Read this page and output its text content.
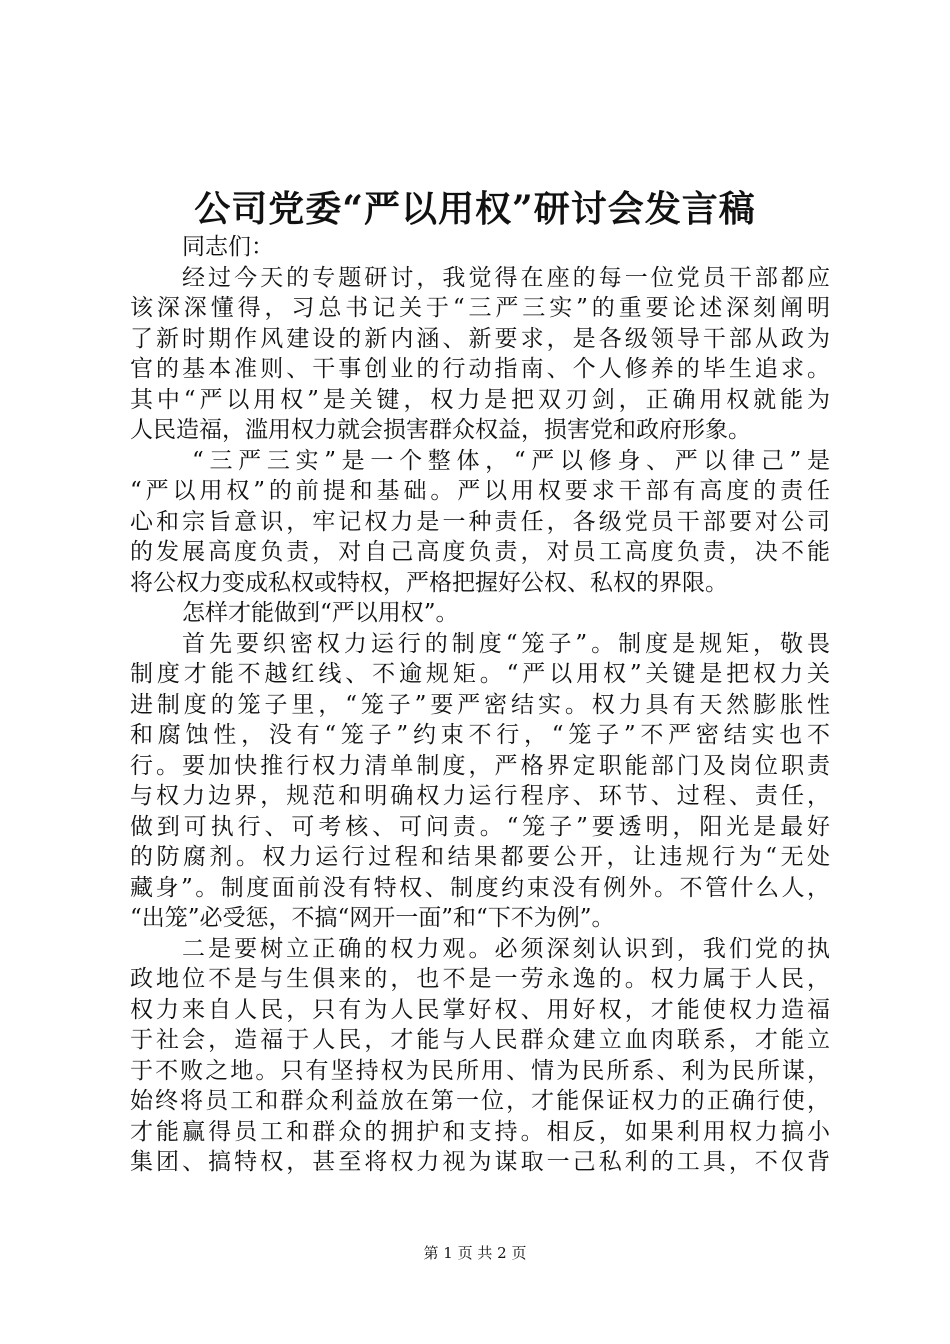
公司党委“严以用权”研讨会发言稿
同志们：
经过今天的专题研讨，我觉得在座的每一位党员干部都应
该深深懂得，习总书记关于“三严三实”的重要论述深刻阐明
了新时期作风建设的新内涵、新要求，是各级领导干部从政为
官的基本准则、干事创业的行动指南、个人修养的毕生追求。
其中“严以用权”是关键，权力是把双刃剑，正确用权就能为
人民造福，滥用权力就会损害群众权益，损害党和政府形象。
“三严三实”是一个整体，“严以修身、严以律己”是
“严以用权”的前提和基础。严以用权要求干部有高度的责任
心和宗旨意识，牢记权力是一种责任，各级党员干部要对公司
的发展高度负责，对自己高度负责，对员工高度负责，决不能
将公权力变成私权或特权，严格把握好公权、私权的界限。
怎样才能做到“严以用权”。
首先要织密权力运行的制度“笼子”。制度是规矩，敬畏
制度才能不越红线、不逾规矩。“严以用权”关键是把权力关
进制度的笼子里，“笼子”要严密结实。权力具有天然膨胀性
和腐蚀性，没有“笼子”约束不行，“笼子”不严密结实也不
行。要加快推行权力清单制度，严格界定职能部门及岗位职责
与权力边界，规范和明确权力运行程序、环节、过程、责任，
做到可执行、可考核、可问责。“笼子”要透明，阳光是最好
的防腐剂。权力运行过程和结果都要公开，让违规行为“无处
藏身”。制度面前没有特权、制度约束没有例外。不管什么人，
“出笼”必受惩，不搞“网开一面”和“下不为例”。
二是要树立正确的权力观。必须深刻认识到，我们党的执
政地位不是与生俱来的，也不是一劳永逸的。权力属于人民，
权力来自人民，只有为人民掌好权、用好权，才能使权力造福
于社会，造福于人民，才能与人民群众建立血肉联系，才能立
于不败之地。只有坚持权为民所用、情为民所系、利为民所谋，
始终将员工和群众利益放在第一位，才能保证权力的正确行使，
才能赢得员工和群众的拥护和支持。相反，如果利用权力搞小
集团、搞特权，甚至将权力视为谋取一己私利的工具，不仅背
第 1 页 共 2 页
